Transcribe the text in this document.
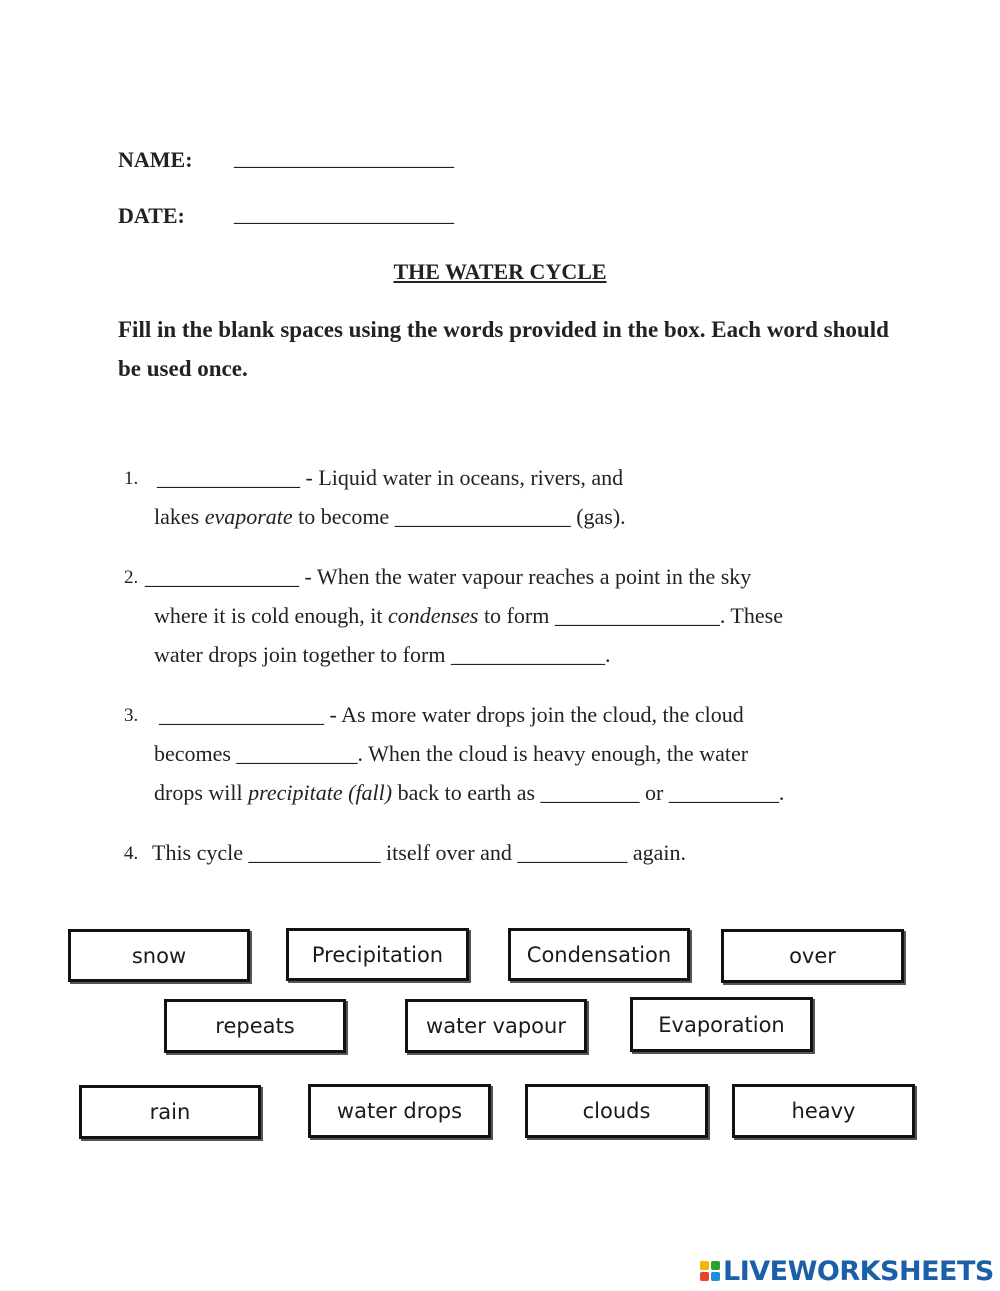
NAME: ____________________
DATE: ____________________
THE WATER CYCLE
Fill in the blank spaces using the words provided in the box. Each word should be used once.
1. _____________ - Liquid water in oceans, rivers, and
lakes evaporate to become ________________ (gas).
2. ______________ - When the water vapour reaches a point in the sky
where it is cold enough, it condenses to form _______________. These
water drops join together to form ______________.
3. _______________ - As more water drops join the cloud, the cloud
becomes ___________. When the cloud is heavy enough, the water
drops will precipitate (fall) back to earth as _________ or __________.
4. This cycle ____________ itself over and __________ again.
snow	Precipitation	Condensation	over
repeats	water vapour	Evaporation
rain	water drops	clouds	heavy
LIVEWORKSHEETS
